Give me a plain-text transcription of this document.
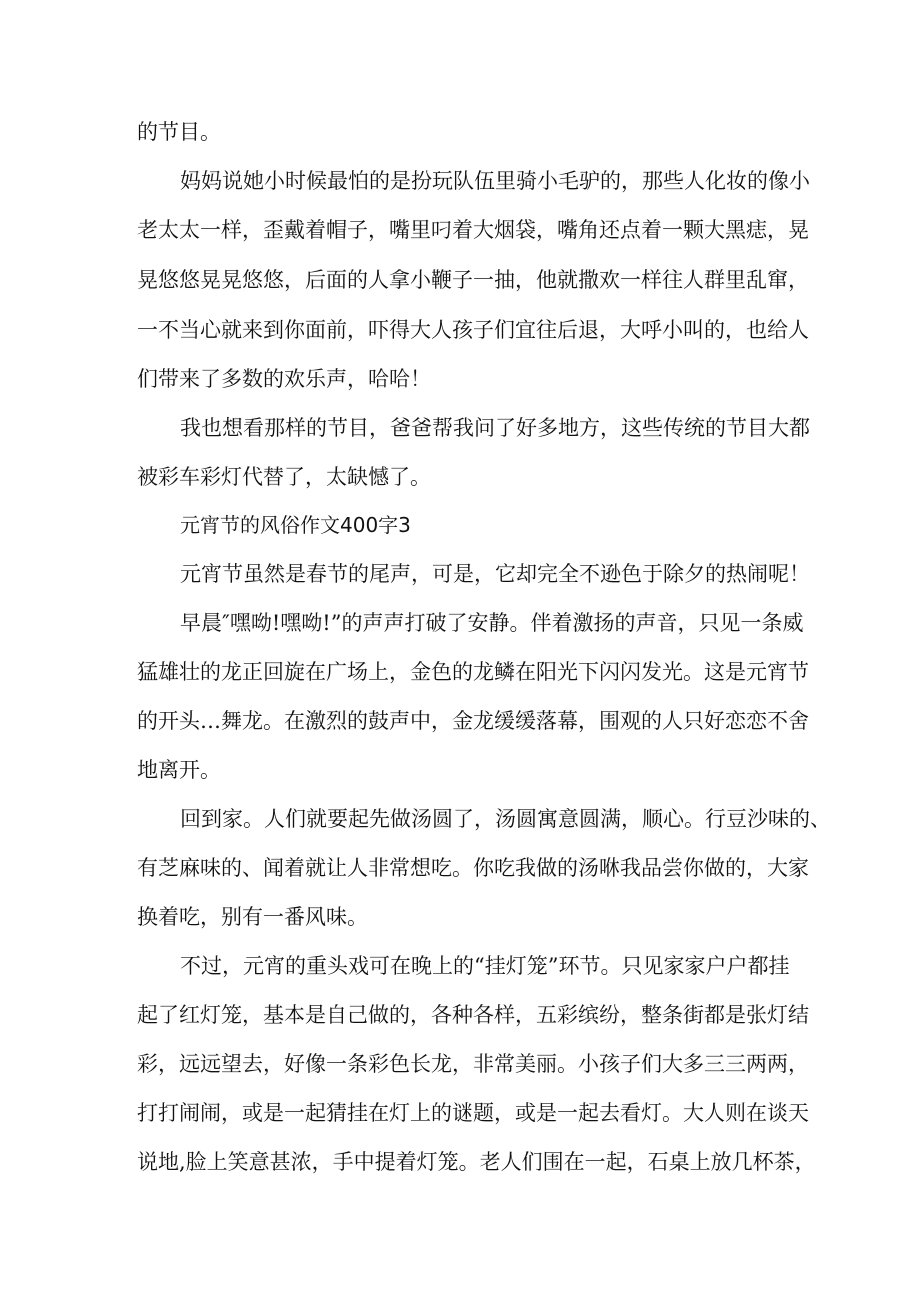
的节目。

妈妈说她小时候最怕的是扮玩队伍里骑小毛驴的，那些人化妆的像小

老太太一样，歪戴着帽子，嘴里叼着大烟袋，嘴角还点着一颗大黑痣，晃

晃悠悠晃晃悠悠，后面的人拿小鞭子一抽，他就撒欢一样往人群里乱窜，

一不当心就来到你面前，吓得大人孩子们宜往后退，大呼小叫的，也给人

们带来了多数的欢乐声，哈哈！

我也想看那样的节目，爸爸帮我问了好多地方，这些传统的节目大都

被彩车彩灯代替了，太缺憾了。

元宵节的风俗作文400字3

元宵节虽然是春节的尾声，可是，它却完全不逊色于除夕的热闹呢！

早晨″嘿呦!嘿呦!”的声声打破了安静。伴着激扬的声音，只见一条威

猛雄壮的龙正回旋在广场上，金色的龙鳞在阳光下闪闪发光。这是元宵节

的开头…舞龙。在激烈的鼓声中，金龙缓缓落幕，围观的人只好恋恋不舍

地离开。

回到家。人们就要起先做汤圆了，汤圆寓意圆满，顺心。行豆沙味的、

有芝麻味的、闻着就让人非常想吃。你吃我做的汤咻我品尝你做的，大家

换着吃，别有一番风味。

不过，元宵的重头戏可在晚上的“挂灯笼”环节。只见家家户户都挂

起了红灯笼，基本是自己做的，各种各样，五彩缤纷，整条街都是张灯结

彩，远远望去，好像一条彩色长龙，非常美丽。小孩子们大多三三两两，

打打闹闹，或是一起猜挂在灯上的谜题，或是一起去看灯。大人则在谈天

说地,脸上笑意甚浓，手中提着灯笼。老人们围在一起，石桌上放几杯茶，
